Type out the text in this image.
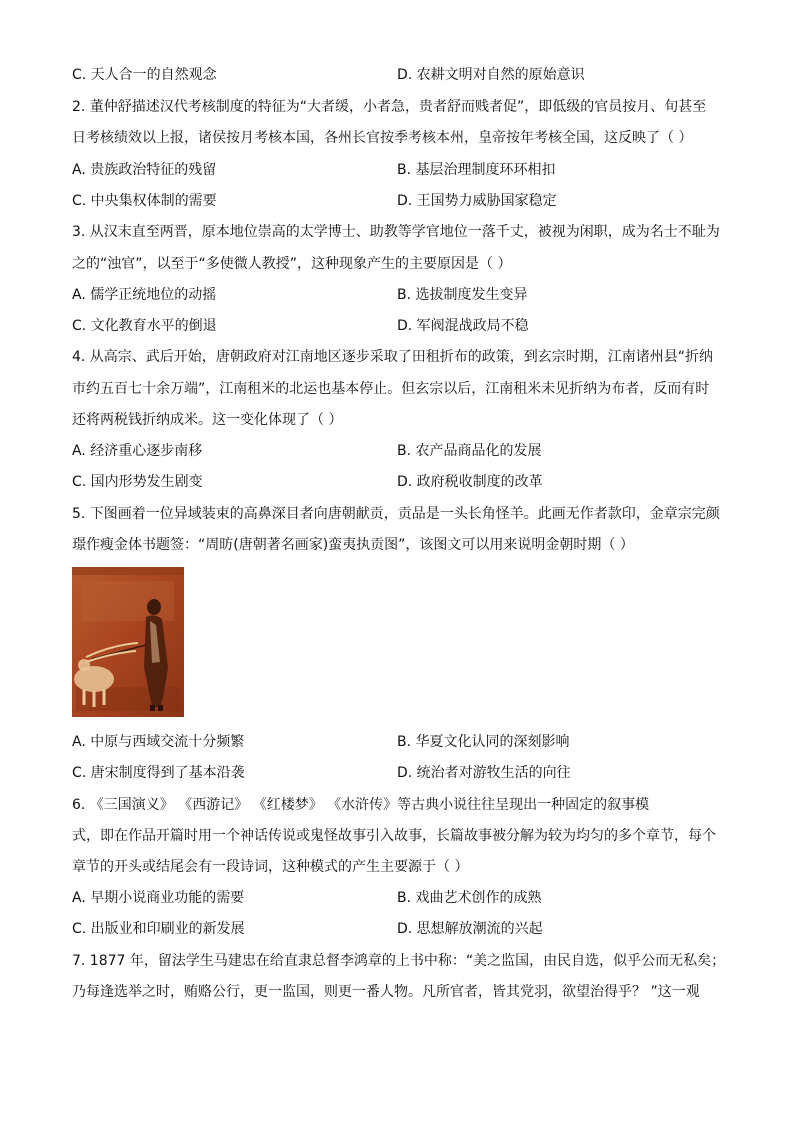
C. 天人合一的自然观念	D. 农耕文明对自然的原始意识
2. 董仲舒描述汉代考核制度的特征为“大者缓，小者急，贵者舒而贱者促”，即低级的官员按月、旬甚至
日考核绩效以上报，诸侯按月考核本国，各州长官按季考核本州，皇帝按年考核全国，这反映了（ ）
A. 贵族政治特征的残留	B. 基层治理制度环环相扣
C. 中央集权体制的需要	D. 王国势力威胁国家稳定
3. 从汉末直至两晋，原本地位崇高的太学博士、助教等学官地位一落千丈，被视为闲职，成为名士不耻为
之的“浊官”，以至于“多使微人教授”，这种现象产生的主要原因是（ ）
A. 儒学正统地位的动摇	B. 选拔制度发生变异
C. 文化教育水平的倒退	D. 军阀混战政局不稳
4. 从高宗、武后开始，唐朝政府对江南地区逐步采取了田租折布的政策，到玄宗时期，江南诸州县“折纳
市约五百七十余万端”，江南租米的北运也基本停止。但玄宗以后，江南租米未见折纳为布者，反而有时
还将两税钱折纳成米。这一变化体现了（ ）
A. 经济重心逐步南移	B. 农产品商品化的发展
C. 国内形势发生剧变	D. 政府税收制度的改革
5. 下图画着一位异域装束的高鼻深目者向唐朝献贡，贡品是一头长角怪羊。此画无作者款印，金章宗完颜
璟作瘦金体书题签：“周昉(唐朝著名画家)蛮夷执贡图”，该图文可以用来说明金朝时期（ ）
A. 中原与西域交流十分频繁	B. 华夏文化认同的深刻影响
C. 唐宋制度得到了基本沿袭	D. 统治者对游牧生活的向往
6. 《三国演义》 《西游记》 《红楼梦》 《水浒传》等古典小说往往呈现出一种固定的叙事模
式，即在作品开篇时用一个神话传说或鬼怪故事引入故事，长篇故事被分解为较为均匀的多个章节，每个
章节的开头或结尾会有一段诗词，这种模式的产生主要源于（ ）
A. 早期小说商业功能的需要	B. 戏曲艺术创作的成熟
C. 出版业和印刷业的新发展	D. 思想解放潮流的兴起
7. 1877 年，留法学生马建忠在给直隶总督李鸿章的上书中称：“美之监国，由民自选，似乎公而无私矣；
乃每逢选举之时，贿赂公行，更一监国，则更一番人物。凡所官者，皆其党羽，欲望治得乎？ ”这一观
